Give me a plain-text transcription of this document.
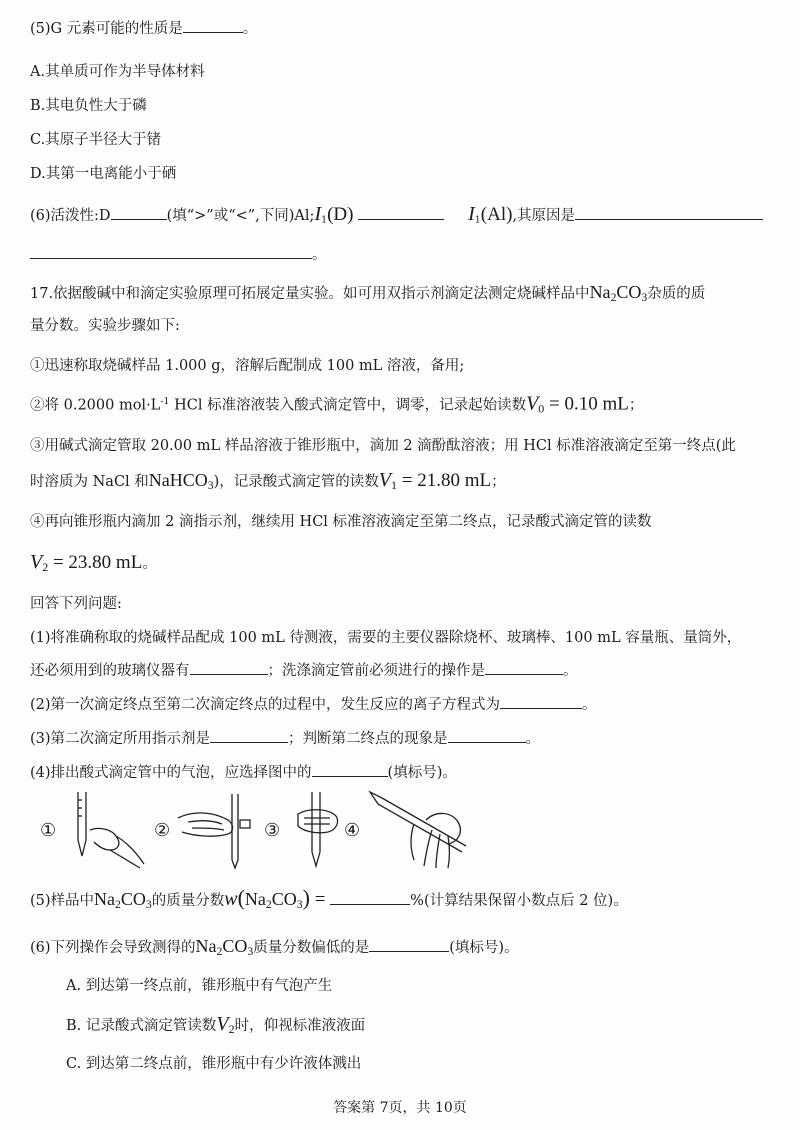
(5)G 元素可能的性质是	。
A.其单质可作为半导体材料
B.其电负性大于磷
C.其原子半径大于锗
D.其第一电离能小于硒
(6)活泼性:D	(填“>”或“<”,下同)$Al;I_1(D)$	$I_1(Al)$,其原因是
。
17.依据酸碱中和滴定实验原理可拓展定量实验。如可用双指示剂滴定法测定烧碱样品中$Na_2CO_3$杂质的质
量分数。实验步骤如下:
①迅速称取烧碱样品 1.000 g，溶解后配制成 100 mL 溶液，备用;
②将 0.2000 $mol\cdot L^{-1}$ HCl 标准溶液装入酸式滴定管中，调零，记录起始读数$V_0 = 0.10$ mL；
③用碱式滴定管取 20.00 mL 样品溶液于锥形瓶中，滴加 2 滴酚酞溶液；用 HCl 标准溶液滴定至第一终点(此
时溶质为 NaCl 和NaHCO$_3$)，记录酸式滴定管的读数$V_1 = 21.80$ mL；
④再向锥形瓶内滴加 2 滴指示剂，继续用 HCl 标准溶液滴定至第二终点，记录酸式滴定管的读数
$V_2 = 23.80$ mL。
回答下列问题:
(1)将准确称取的烧碱样品配成 100 mL 待测液，需要的主要仪器除烧杯、玻璃棒、100 mL 容量瓶、量筒外，
还必须用到的玻璃仪器有	；洗涤滴定管前必须进行的操作是	。
(2)第一次滴定终点至第二次滴定终点的过程中，发生反应的离子方程式为	。
(3)第二次滴定所用指示剂是	；判断第二终点的现象是	。
(4)排出酸式滴定管中的气泡，应选择图中的	(填标号)。
①	②	③	④
(5)样品中$Na_2CO_3$的质量分数$w(Na_2CO_3)$ =	%(计算结果保留小数点后 2 位)。
(6)下列操作会导致测得的$Na_2CO_3$质量分数偏低的是	(填标号)。
A. 到达第一终点前，锥形瓶中有气泡产生
B. 记录酸式滴定管读数$V_2$时，仰视标准液液面
C. 到达第二终点前，锥形瓶中有少许液体溅出
答案第 7页，共 10页
